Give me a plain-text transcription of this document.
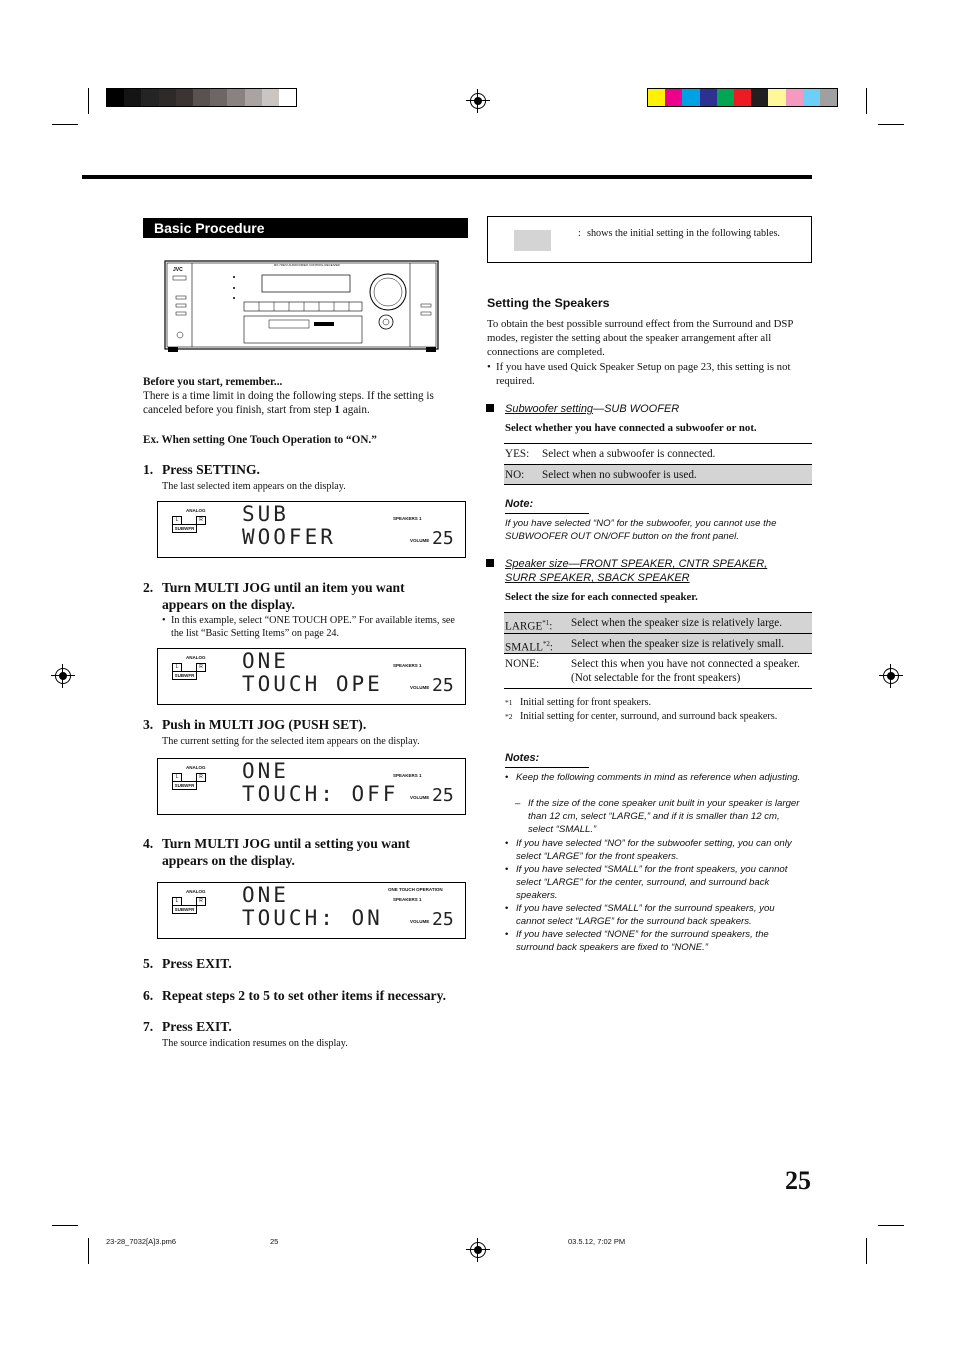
Basic Procedure
JVC
RX-7032V AUDIO/VIDEO CONTROL RECEIVER
Before you start, remember...
There is a time limit in doing the following steps. If the setting is canceled before you finish, start from step 1 again.
Ex. When setting One Touch Operation to “ON.”
1. Press SETTING.
The last selected item appears on the display.
ANALOG
L	R
SUBWFR
SUB
WOOFER
SPEAKERS 1
VOLUME 25
2. Turn MULTI JOG until an item you want appears on the display.
• In this example, select “ONE TOUCH OPE.” For available items, see the list “Basic Setting Items” on page 24.
ANALOG
L	R
SUBWFR
ONE
TOUCH OPE
SPEAKERS 1
VOLUME 25
3. Push in MULTI JOG (PUSH SET).
The current setting for the selected item appears on the display.
ANALOG
L	R
SUBWFR
ONE
TOUCH: OFF
SPEAKERS 1
VOLUME 25
4. Turn MULTI JOG until a setting you want appears on the display.
ANALOG
L	R
SUBWFR
ONE TOUCH OPERATION
ONE
TOUCH: ON
SPEAKERS 1
VOLUME 25
5. Press EXIT.
6. Repeat steps 2 to 5 to set other items if necessary.
7. Press EXIT.
The source indication resumes on the display.
: shows the initial setting in the following tables.
Setting the Speakers
To obtain the best possible surround effect from the Surround and DSP modes, register the setting about the speaker arrangement after all connections are completed.
• If you have used Quick Speaker Setup on page 23, this setting is not required.
Subwoofer setting—SUB WOOFER
Select whether you have connected a subwoofer or not.
YES: Select when a subwoofer is connected.
NO: Select when no subwoofer is used.
Note:
If you have selected “NO” for the subwoofer, you cannot use the SUBWOOFER OUT ON/OFF button on the front panel.
Speaker size—FRONT SPEAKER, CNTR SPEAKER,
SURR SPEAKER, SBACK SPEAKER
Select the size for each connected speaker.
LARGE$^{*1}$: Select when the speaker size is relatively large.
SMALL$^{*2}$: Select when the speaker size is relatively small.
NONE:	Select this when you have not connected a speaker. (Not selectable for the front speakers)
*1 Initial setting for front speakers.
*2 Initial setting for center, surround, and surround back speakers.
Notes:
• Keep the following comments in mind as reference when adjusting.
– If the size of the cone speaker unit built in your speaker is larger than 12 cm, select “LARGE,” and if it is smaller than 12 cm, select “SMALL.”
• If you have selected “NO” for the subwoofer setting, you can only select “LARGE” for the front speakers.
• If you have selected “SMALL” for the front speakers, you cannot select “LARGE” for the center, surround, and surround back speakers.
• If you have selected “SMALL” for the surround speakers, you cannot select “LARGE” for the surround back speakers.
• If you have selected “NONE” for the surround speakers, the surround back speakers are fixed to “NONE.”
25
23-28_7032[A]3.pm6	25	03.5.12, 7:02 PM
